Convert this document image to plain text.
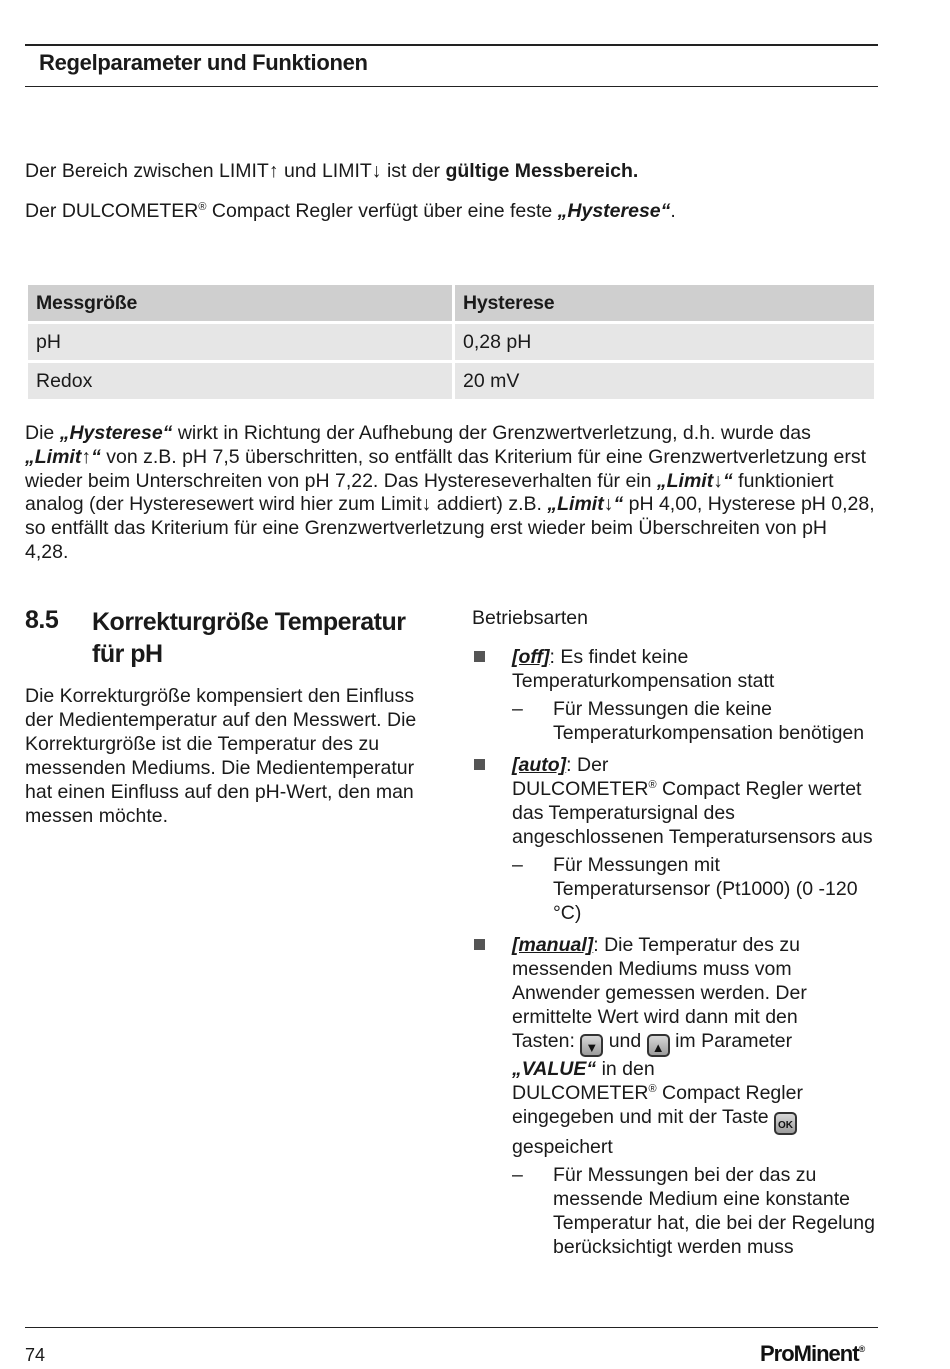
Regelparameter und Funktionen

Der Bereich zwischen LIMIT↑ und LIMIT↓ ist der gültige Messbereich.

Der DULCOMETER® Compact Regler verfügt über eine feste „Hysterese“.

Messgröße	Hysterese
pH	0,28 pH
Redox	20 mV

Die „Hysterese“ wirkt in Richtung der Aufhebung der Grenzwertverletzung, d.h. wurde das „Limit↑“ von z.B. pH 7,5 überschritten, so entfällt das Kriterium für eine Grenzwertverletzung erst wieder beim Unterschreiten von pH 7,22. Das Hystereseverhalten für ein „Limit↓“ funktioniert analog (der Hysteresewert wird hier zum Limit↓ addiert) z.B. „Limit↓“ pH 4,00, Hysterese pH 0,28, so entfällt das Kriterium für eine Grenzwertverletzung erst wieder beim Überschreiten von pH 4,28.

8.5 Korrekturgröße Temperatur für pH

Die Korrekturgröße kompensiert den Einfluss der Medientemperatur auf den Messwert. Die Korrekturgröße ist die Temperatur des zu messenden Mediums. Die Medientemperatur hat einen Einfluss auf den pH-Wert, den man messen möchte.

Betriebsarten
[off]: Es findet keine Temperaturkompensation statt
– Für Messungen die keine Temperaturkompensation benötigen
[auto]: Der
DULCOMETER® Compact Regler wertet das Temperatursignal des angeschlossenen Temperatursensors aus
– Für Messungen mit Temperatursensor (Pt1000) (0 -120 °C)
[manual]: Die Temperatur des zu messenden Mediums muss vom Anwender gemessen werden. Der ermittelte Wert wird dann mit den
Tasten: ▼ und ▲ im Parameter
„VALUE“ in den
DULCOMETER® Compact Regler
eingegeben und mit der Taste OK
gespeichert
– Für Messungen bei der das zu messende Medium eine konstante Temperatur hat, die bei der Regelung berücksichtigt werden muss
74	ProMinent®
